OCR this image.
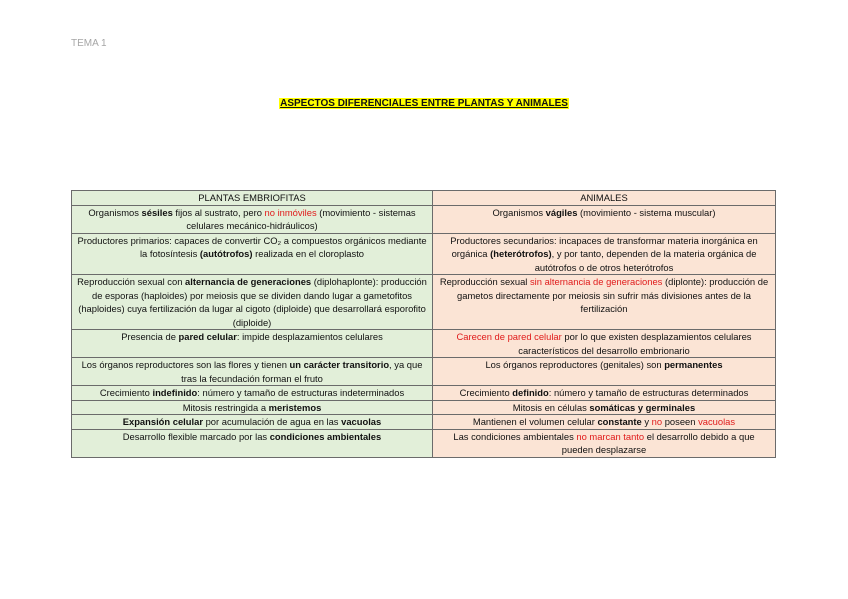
TEMA 1
ASPECTOS DIFERENCIALES ENTRE PLANTAS Y ANIMALES
PLANTAS EMBRIOFITAS	ANIMALES
Organismos sésiles fijos al sustrato, pero no inmóviles (movimiento - sistemas celulares mecánico-hidráulicos)	Organismos vágiles (movimiento - sistema muscular)
Productores primarios: capaces de convertir CO₂ a compuestos orgánicos mediante la fotosíntesis (autótrofos) realizada en el cloroplasto	Productores secundarios: incapaces de transformar materia inorgánica en orgánica (heterótrofos), y por tanto, dependen de la materia orgánica de autótrofos o de otros heterótrofos
Reproducción sexual con alternancia de generaciones (diplohaplonte): producción de esporas (haploides) por meiosis que se dividen dando lugar a gametofitos (haploides) cuya fertilización da lugar al cigoto (diploide) que desarrollará esporofito (diploide)	Reproducción sexual sin alternancia de generaciones (diplonte): producción de gametos directamente por meiosis sin sufrir más divisiones antes de la fertilización
Presencia de pared celular: impide desplazamientos celulares	Carecen de pared celular por lo que existen desplazamientos celulares característicos del desarrollo embrionario
Los órganos reproductores son las flores y tienen un carácter transitorio, ya que tras la fecundación forman el fruto	Los órganos reproductores (genitales) son permanentes
Crecimiento indefinido: número y tamaño de estructuras indeterminados	Crecimiento definido: número y tamaño de estructuras determinados
Mitosis restringida a meristemos	Mitosis en células somáticas y germinales
Expansión celular por acumulación de agua en las vacuolas	Mantienen el volumen celular constante y no poseen vacuolas
Desarrollo flexible marcado por las condiciones ambientales	Las condiciones ambientales no marcan tanto el desarrollo debido a que pueden desplazarse
